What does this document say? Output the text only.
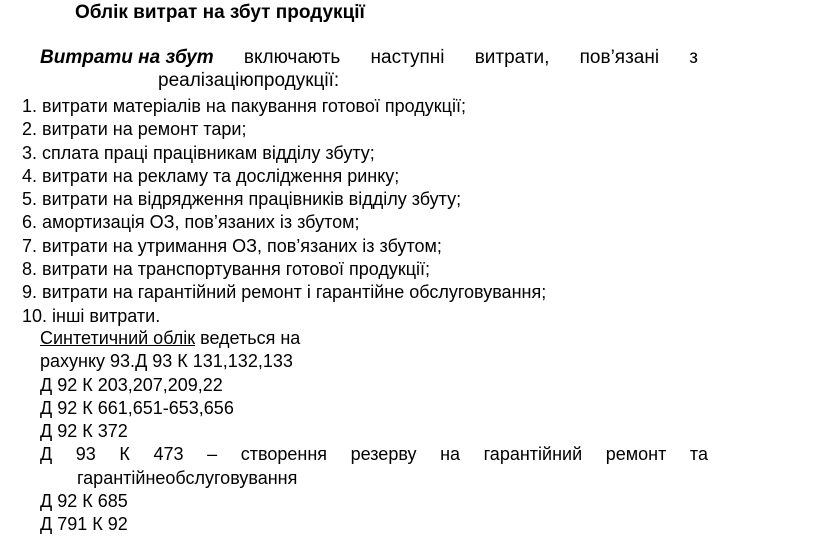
Облік витрат на збут продукції
Витрати на збут включають наступні витрати, пов’язані з
реалізаціюпродукції:
1. витрати матеріалів на пакування готової продукції;
2. витрати на ремонт тари;
3. сплата праці працівникам відділу збуту;
4. витрати на рекламу та дослідження ринку;
5. витрати на відрядження працівників відділу збуту;
6. амортизація ОЗ, пов’язаних із збутом;
7. витрати на утримання ОЗ, пов’язаних із збутом;
8. витрати на транспортування готової продукції;
9. витрати на гарантійний ремонт і гарантійне обслуговування;
10. інші витрати.
Синтетичний облік ведеться на
рахунку 93.Д 93 К 131,132,133
Д 92 К 203,207,209,22
Д 92 К 661,651-653,656
Д 92 К 372
Д 93 К 473 – створення резерву на гарантійний ремонт та
гарантійнеобслуговування
Д 92 К 685
Д 791 К 92
